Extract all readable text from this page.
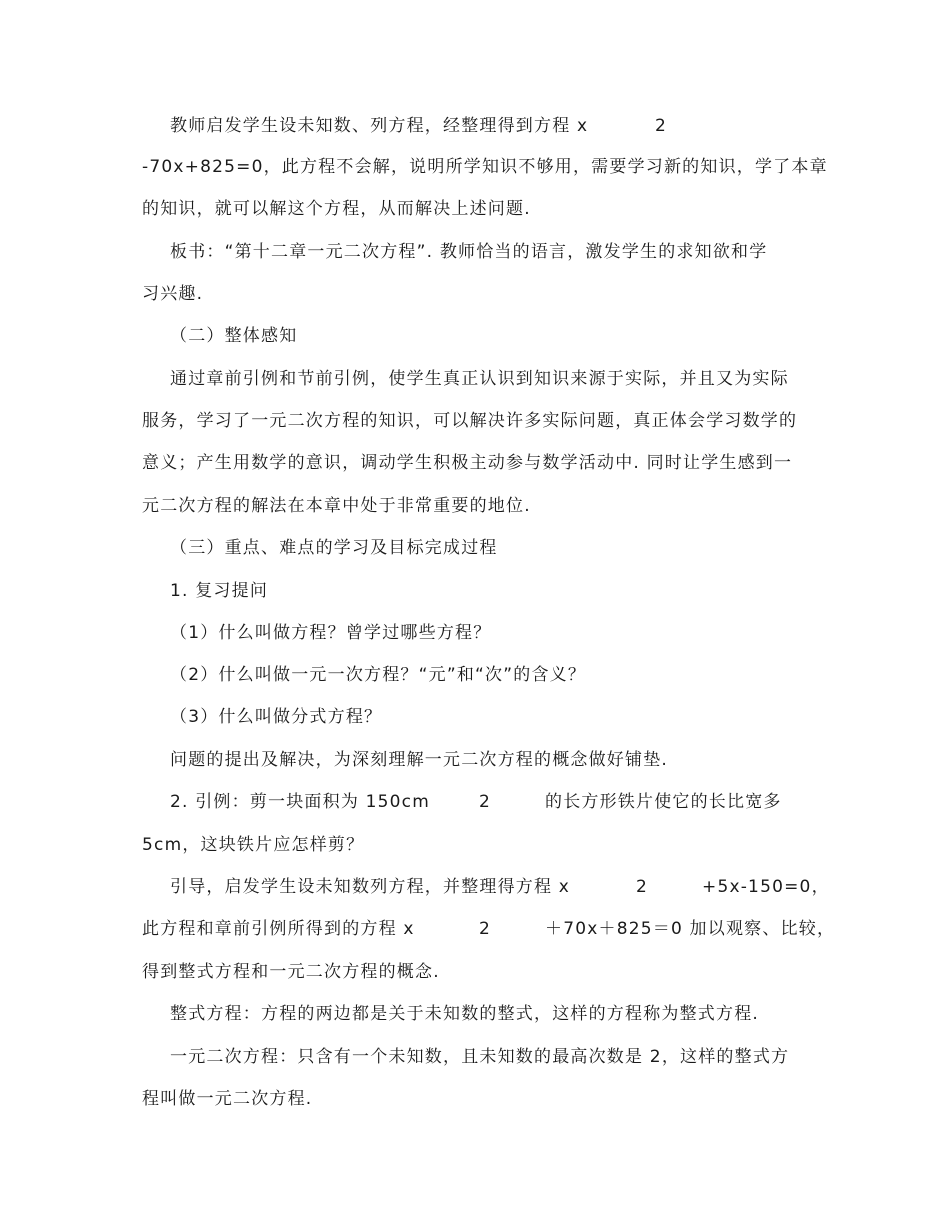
教师启发学生设未知数、列方程，经整理得到方程 x	2
-70x+825=0，此方程不会解，说明所学知识不够用，需要学习新的知识，学了本章
的知识，就可以解这个方程，从而解决上述问题.
板书：“第十二章一元二次方程”. 教师恰当的语言，激发学生的求知欲和学
习兴趣.
（二）整体感知
通过章前引例和节前引例，使学生真正认识到知识来源于实际，并且又为实际
服务，学习了一元二次方程的知识，可以解决许多实际问题，真正体会学习数学的
意义；产生用数学的意识，调动学生积极主动参与数学活动中. 同时让学生感到一
元二次方程的解法在本章中处于非常重要的地位.
（三）重点、难点的学习及目标完成过程
1. 复习提问
（1）什么叫做方程？曾学过哪些方程？
（2）什么叫做一元一次方程？“元”和“次”的含义？
（3）什么叫做分式方程？
问题的提出及解决，为深刻理解一元二次方程的概念做好铺垫.
2. 引例：剪一块面积为 150cm	2	的长方形铁片使它的长比宽多
5cm，这块铁片应怎样剪？
引导，启发学生设未知数列方程，并整理得方程 x	2	+5x-150=0，
此方程和章前引例所得到的方程 x	2	＋70x＋825＝0 加以观察、比较，
得到整式方程和一元二次方程的概念.
整式方程：方程的两边都是关于未知数的整式，这样的方程称为整式方程.
一元二次方程：只含有一个未知数，且未知数的最高次数是 2，这样的整式方
程叫做一元二次方程.
